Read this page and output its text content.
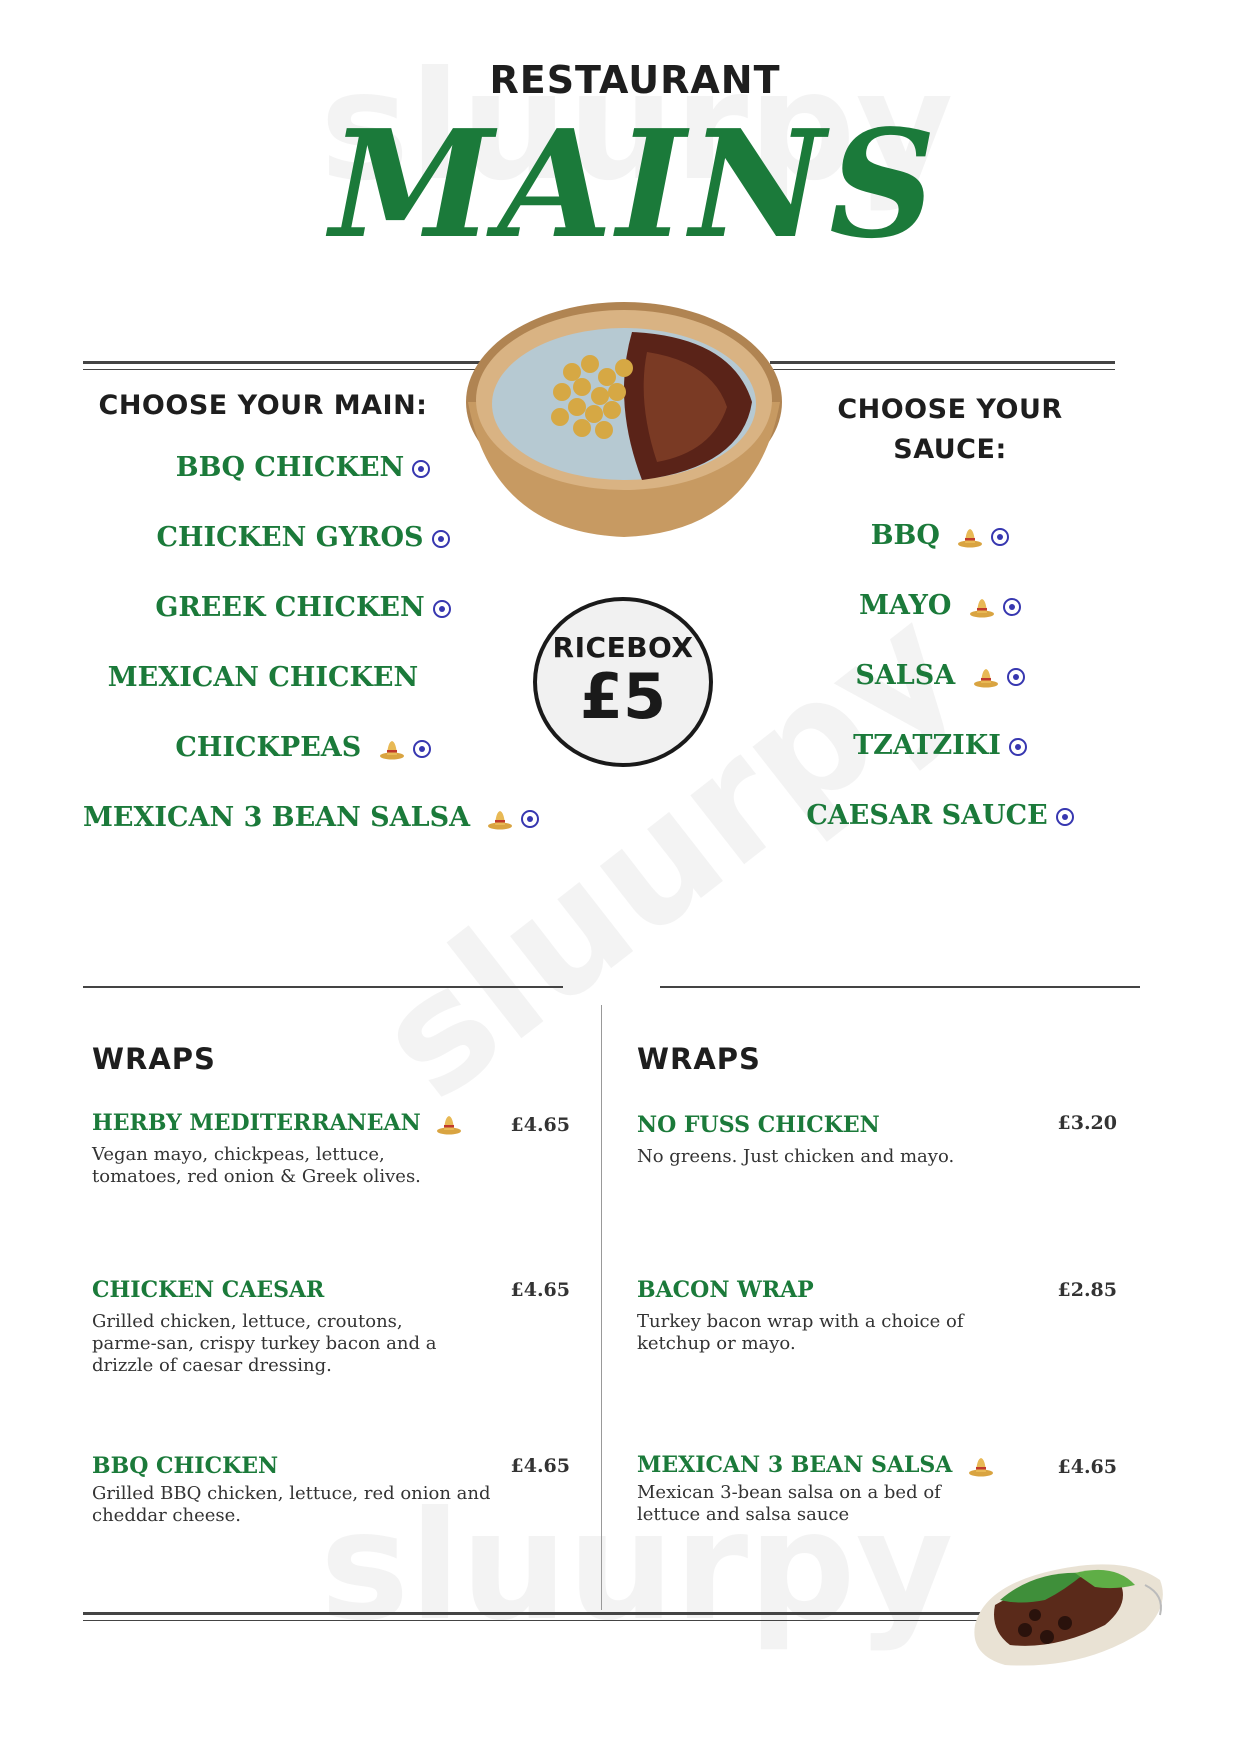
RESTAURANT
MAINS
CHOOSE YOUR MAIN:
BBQ CHICKEN
CHICKEN GYROS
GREEK CHICKEN
MEXICAN CHICKEN
CHICKPEAS
MEXICAN 3 BEAN SALSA
RICEBOX
£5
CHOOSE YOUR
SAUCE:
BBQ
MAYO
SALSA
TZATZIKI
CAESAR SAUCE
WRAPS
HERBY MEDITERRANEAN	£4.65
Vegan mayo, chickpeas, lettuce, tomatoes, red onion & Greek olives.
CHICKEN CAESAR	£4.65
Grilled chicken, lettuce, croutons, parme-san, crispy turkey bacon and a drizzle of caesar dressing.
BBQ CHICKEN	£4.65
Grilled BBQ chicken, lettuce, red onion and cheddar cheese.
WRAPS
NO FUSS CHICKEN	£3.20
No greens. Just chicken and mayo.
BACON WRAP	£2.85
Turkey bacon wrap with a choice of ketchup or mayo.
MEXICAN 3 BEAN SALSA	£4.65
Mexican 3-bean salsa on a bed of lettuce and salsa sauce
